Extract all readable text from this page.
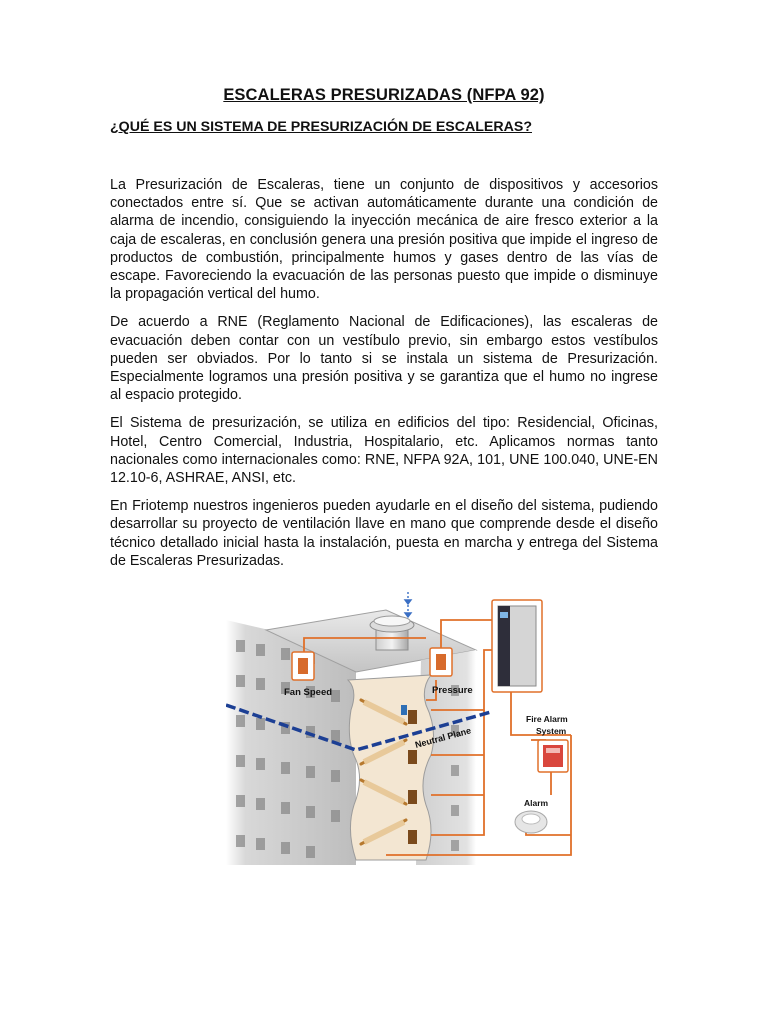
ESCALERAS PRESURIZADAS (NFPA 92)
¿QUÉ ES UN SISTEMA DE PRESURIZACIÓN DE ESCALERAS?

La Presurización de Escaleras, tiene un conjunto de dispositivos y accesorios conectados entre sí. Que se activan automáticamente durante una condición de alarma de incendio, consiguiendo la inyección mecánica de aire fresco exterior a la caja de escaleras, en conclusión genera una presión positiva que impide el ingreso de productos de combustión, principalmente humos y gases dentro de las vías de escape. Favoreciendo la evacuación de las personas puesto que impide o disminuye la propagación vertical del humo.

De acuerdo a RNE (Reglamento Nacional de Edificaciones), las escaleras de evacuación deben contar con un vestíbulo previo, sin embargo estos vestíbulos pueden ser obviados. Por lo tanto si se instala un sistema de Presurización. Especialmente logramos una presión positiva y se garantiza que el humo no ingrese al espacio protegido.

El Sistema de presurización, se utiliza en edificios del tipo: Residencial, Oficinas, Hotel, Centro Comercial, Industria, Hospitalario, etc. Aplicamos normas tanto nacionales como internacionales como: RNE, NFPA 92A, 101, UNE 100.040, UNE-EN 12.10-6, ASHRAE, ANSI, etc.

En Friotemp nuestros ingenieros pueden ayudarle en el diseño del sistema, pudiendo desarrollar su proyecto de ventilación llave en mano que comprende desde el diseño técnico detallado inicial hasta la instalación, puesta en marcha y entrega del Sistema de Escaleras Presurizadas.

Fan Speed	Pressure
Neutral Plane
Fire Alarm
System
Alarm
